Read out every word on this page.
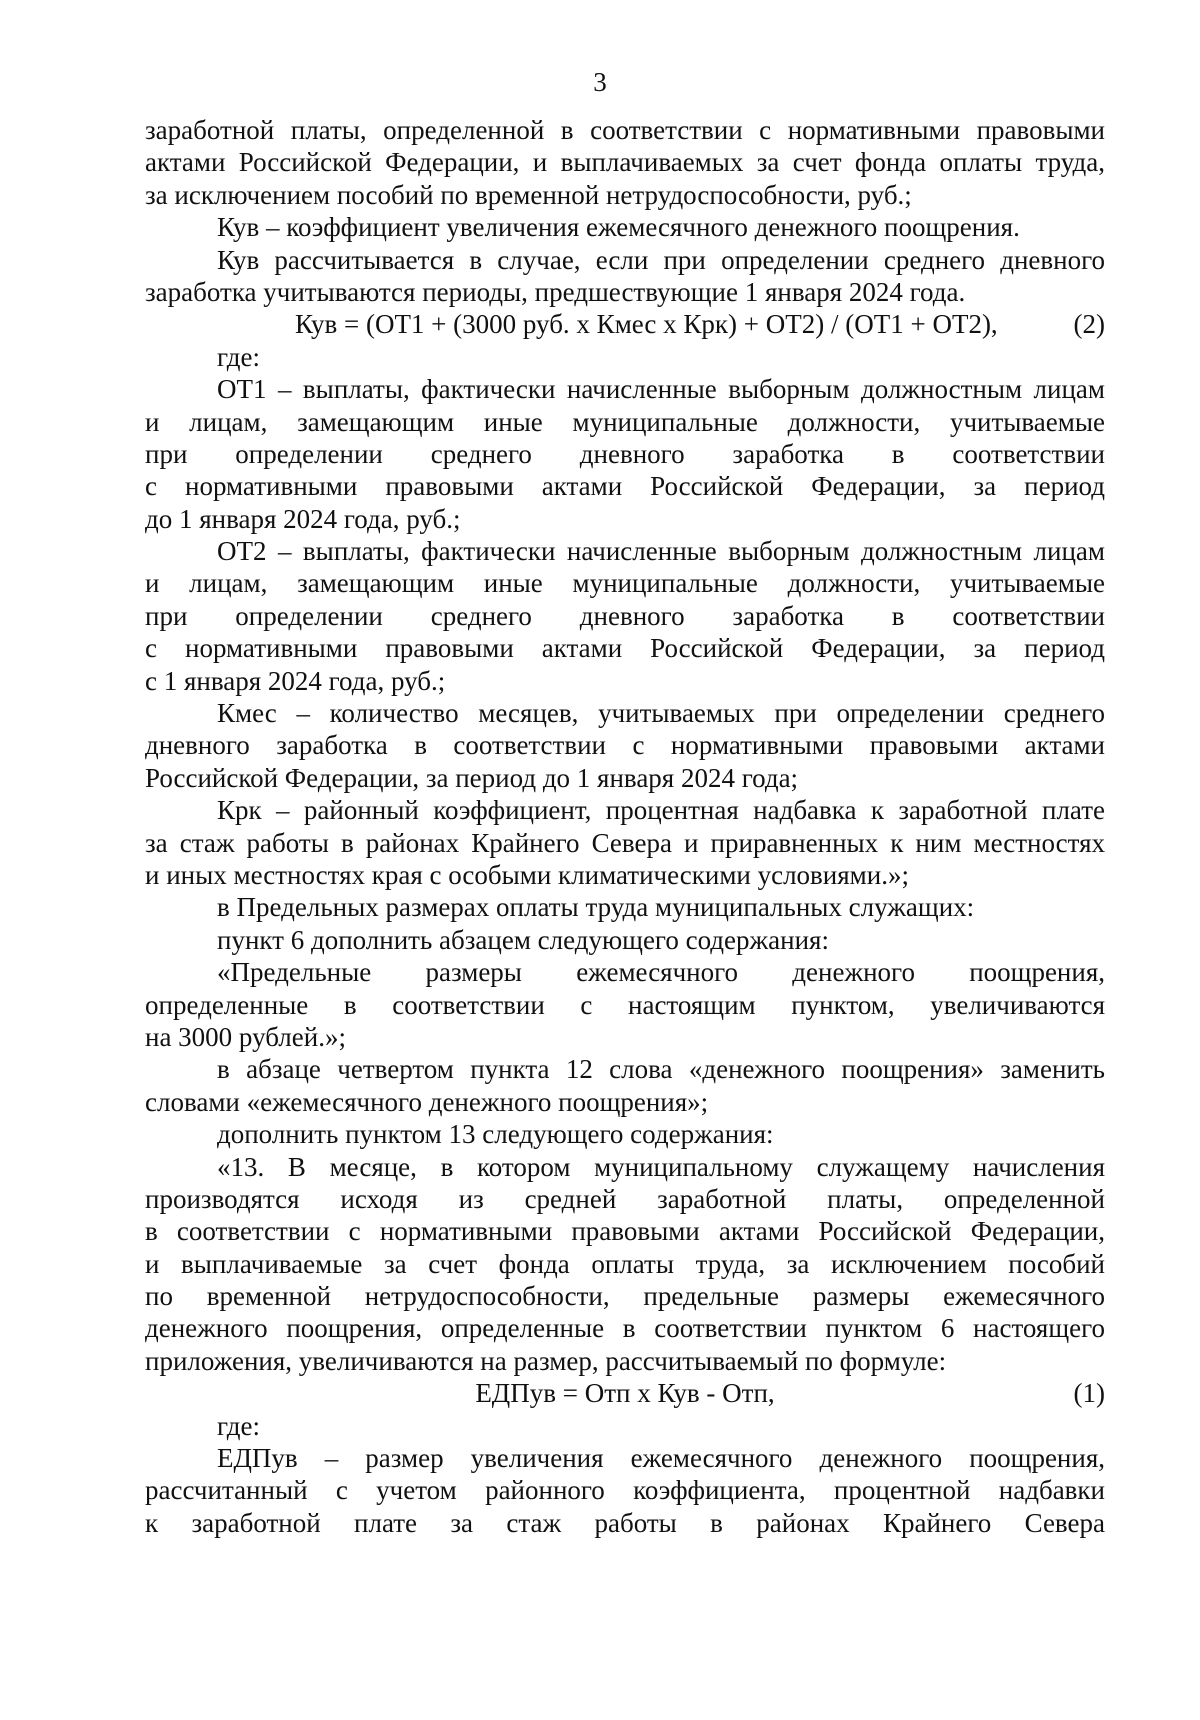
3
заработной платы, определенной в соответствии с нормативными правовыми
актами Российской Федерации, и выплачиваемых за счет фонда оплаты труда,
за исключением пособий по временной нетрудоспособности, руб.;
Кув – коэффициент увеличения ежемесячного денежного поощрения.
Кув рассчитывается в случае, если при определении среднего дневного
заработка учитываются периоды, предшествующие 1 января 2024 года.
Кув = (ОТ1 + (3000 руб. х Кмес х Крк) + ОТ2) / (ОТ1 + ОТ2),	(2)
где:
ОТ1 – выплаты, фактически начисленные выборным должностным лицам
и лицам, замещающим иные муниципальные должности, учитываемые
при определении среднего дневного заработка в соответствии
с нормативными правовыми актами Российской Федерации, за период
до 1 января 2024 года, руб.;
ОТ2 – выплаты, фактически начисленные выборным должностным лицам
и лицам, замещающим иные муниципальные должности, учитываемые
при определении среднего дневного заработка в соответствии
с нормативными правовыми актами Российской Федерации, за период
с 1 января 2024 года, руб.;
Кмес – количество месяцев, учитываемых при определении среднего
дневного заработка в соответствии с нормативными правовыми актами
Российской Федерации, за период до 1 января 2024 года;
Крк – районный коэффициент, процентная надбавка к заработной плате
за стаж работы в районах Крайнего Севера и приравненных к ним местностях
и иных местностях края с особыми климатическими условиями.»;
в Предельных размерах оплаты труда муниципальных служащих:
пункт 6 дополнить абзацем следующего содержания:
«Предельные размеры ежемесячного денежного поощрения,
определенные в соответствии с настоящим пунктом, увеличиваются
на 3000 рублей.»;
в абзаце четвертом пункта 12 слова «денежного поощрения» заменить
словами «ежемесячного денежного поощрения»;
дополнить пунктом 13 следующего содержания:
«13. В месяце, в котором муниципальному служащему начисления
производятся исходя из средней заработной платы, определенной
в соответствии с нормативными правовыми актами Российской Федерации,
и выплачиваемые за счет фонда оплаты труда, за исключением пособий
по временной нетрудоспособности, предельные размеры ежемесячного
денежного поощрения, определенные в соответствии пунктом 6 настоящего
приложения, увеличиваются на размер, рассчитываемый по формуле:
ЕДПув = Отп х Кув - Отп,	(1)
где:
ЕДПув – размер увеличения ежемесячного денежного поощрения,
рассчитанный с учетом районного коэффициента, процентной надбавки
к заработной плате за стаж работы в районах Крайнего Севера
